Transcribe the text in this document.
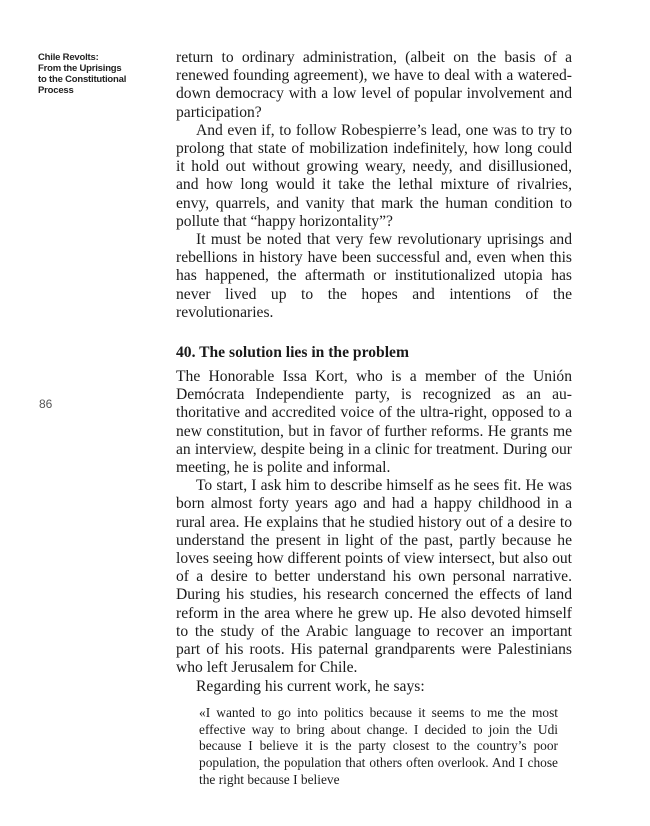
Chile Revolts:
From the Uprisings
to the Constitutional
Process
86

return to ordinary administration, (albeit on the basis of a renewed founding agreement), we have to deal with a watered-down democracy with a low level of popular involvement and participation?

And even if, to follow Robespierre’s lead, one was to try to prolong that state of mobilization indefinitely, how long could it hold out without growing weary, needy, and disillusioned, and how long would it take the lethal mixture of rivalries, envy, quarrels, and vanity that mark the human condition to pollute that “happy horizontality”?

It must be noted that very few revolutionary uprisings and rebellions in history have been successful and, even when this has happened, the aftermath or institutionalized utopia has never lived up to the hopes and intentions of the revolutionaries.

40. The solution lies in the problem

The Honorable Issa Kort, who is a member of the Unión Demócrata Independiente party, is recognized as an authoritative and accredited voice of the ultra-right, opposed to a new constitution, but in favor of further reforms. He grants me an interview, despite being in a clinic for treatment. During our meeting, he is polite and informal.

To start, I ask him to describe himself as he sees fit. He was born almost forty years ago and had a happy childhood in a rural area. He explains that he studied history out of a desire to understand the present in light of the past, partly because he loves seeing how different points of view intersect, but also out of a desire to better understand his own personal narrative. During his studies, his research concerned the effects of land reform in the area where he grew up. He also devoted himself to the study of the Arabic language to recover an important part of his roots. His paternal grandparents were Palestinians who left Jerusalem for Chile.

Regarding his current work, he says:

«I wanted to go into politics because it seems to me the most effective way to bring about change. I decided to join the Udi because I believe it is the party closest to the country’s poor population, the population that others often overlook. And I chose the right because I believe
